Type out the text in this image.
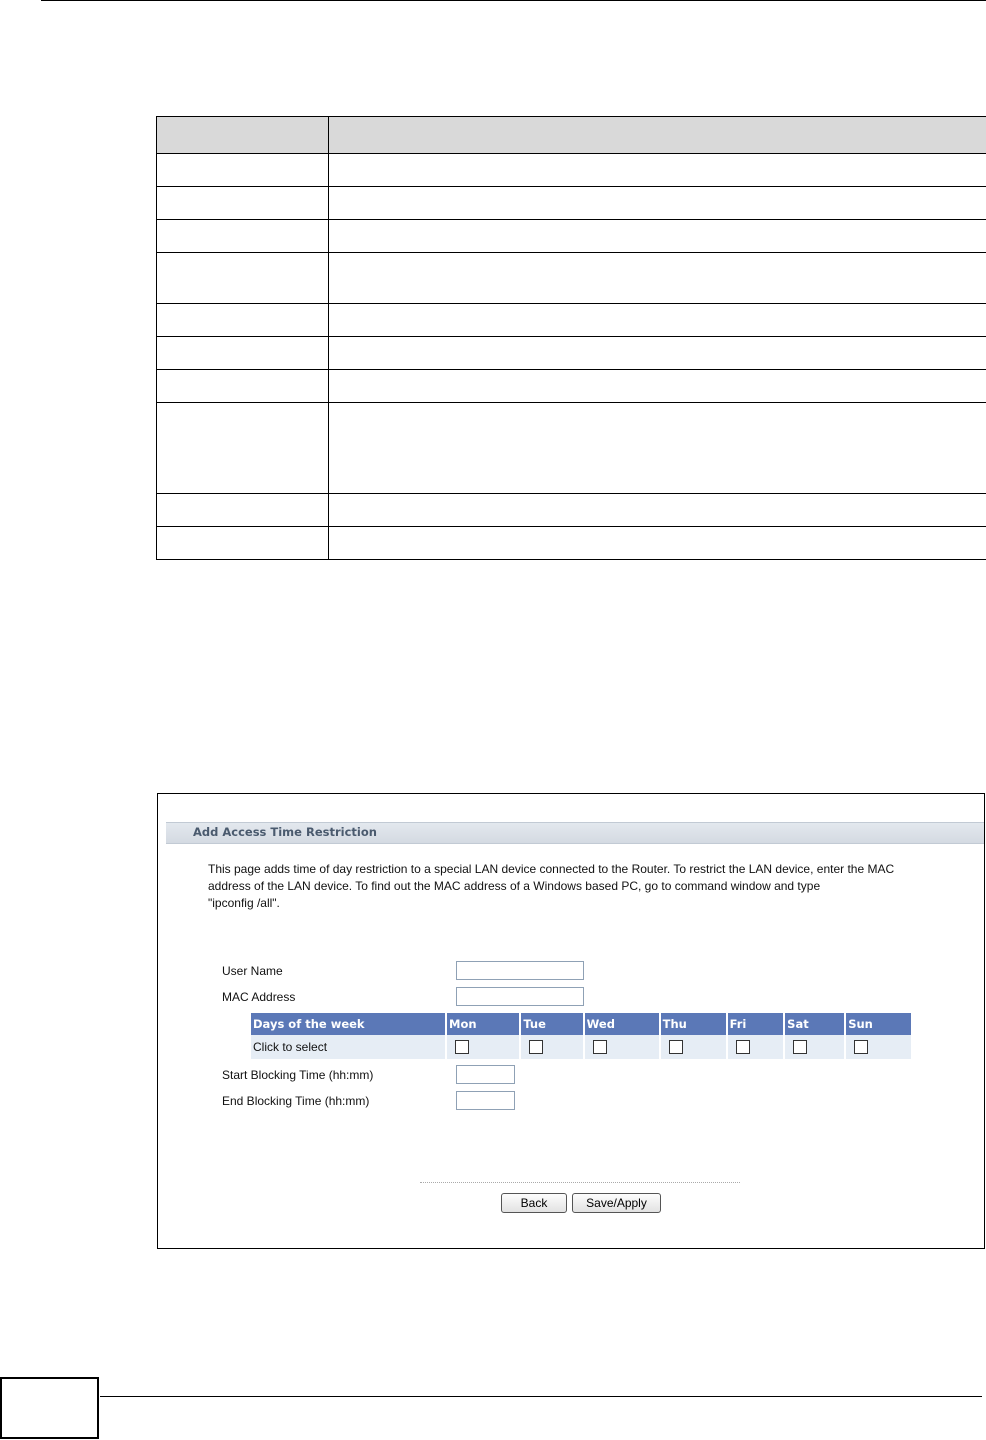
Add Access Time Restriction
This page adds time of day restriction to a special LAN device connected to the Router. To restrict the LAN device, enter the MAC
address of the LAN device. To find out the MAC address of a Windows based PC, go to command window and type
"ipconfig /all".
User Name
MAC Address
Days of the week	Mon	Tue	Wed	Thu	Fri	Sat	Sun
Click to select							
Start Blocking Time (hh:mm)
End Blocking Time (hh:mm)
Back	Save/Apply
